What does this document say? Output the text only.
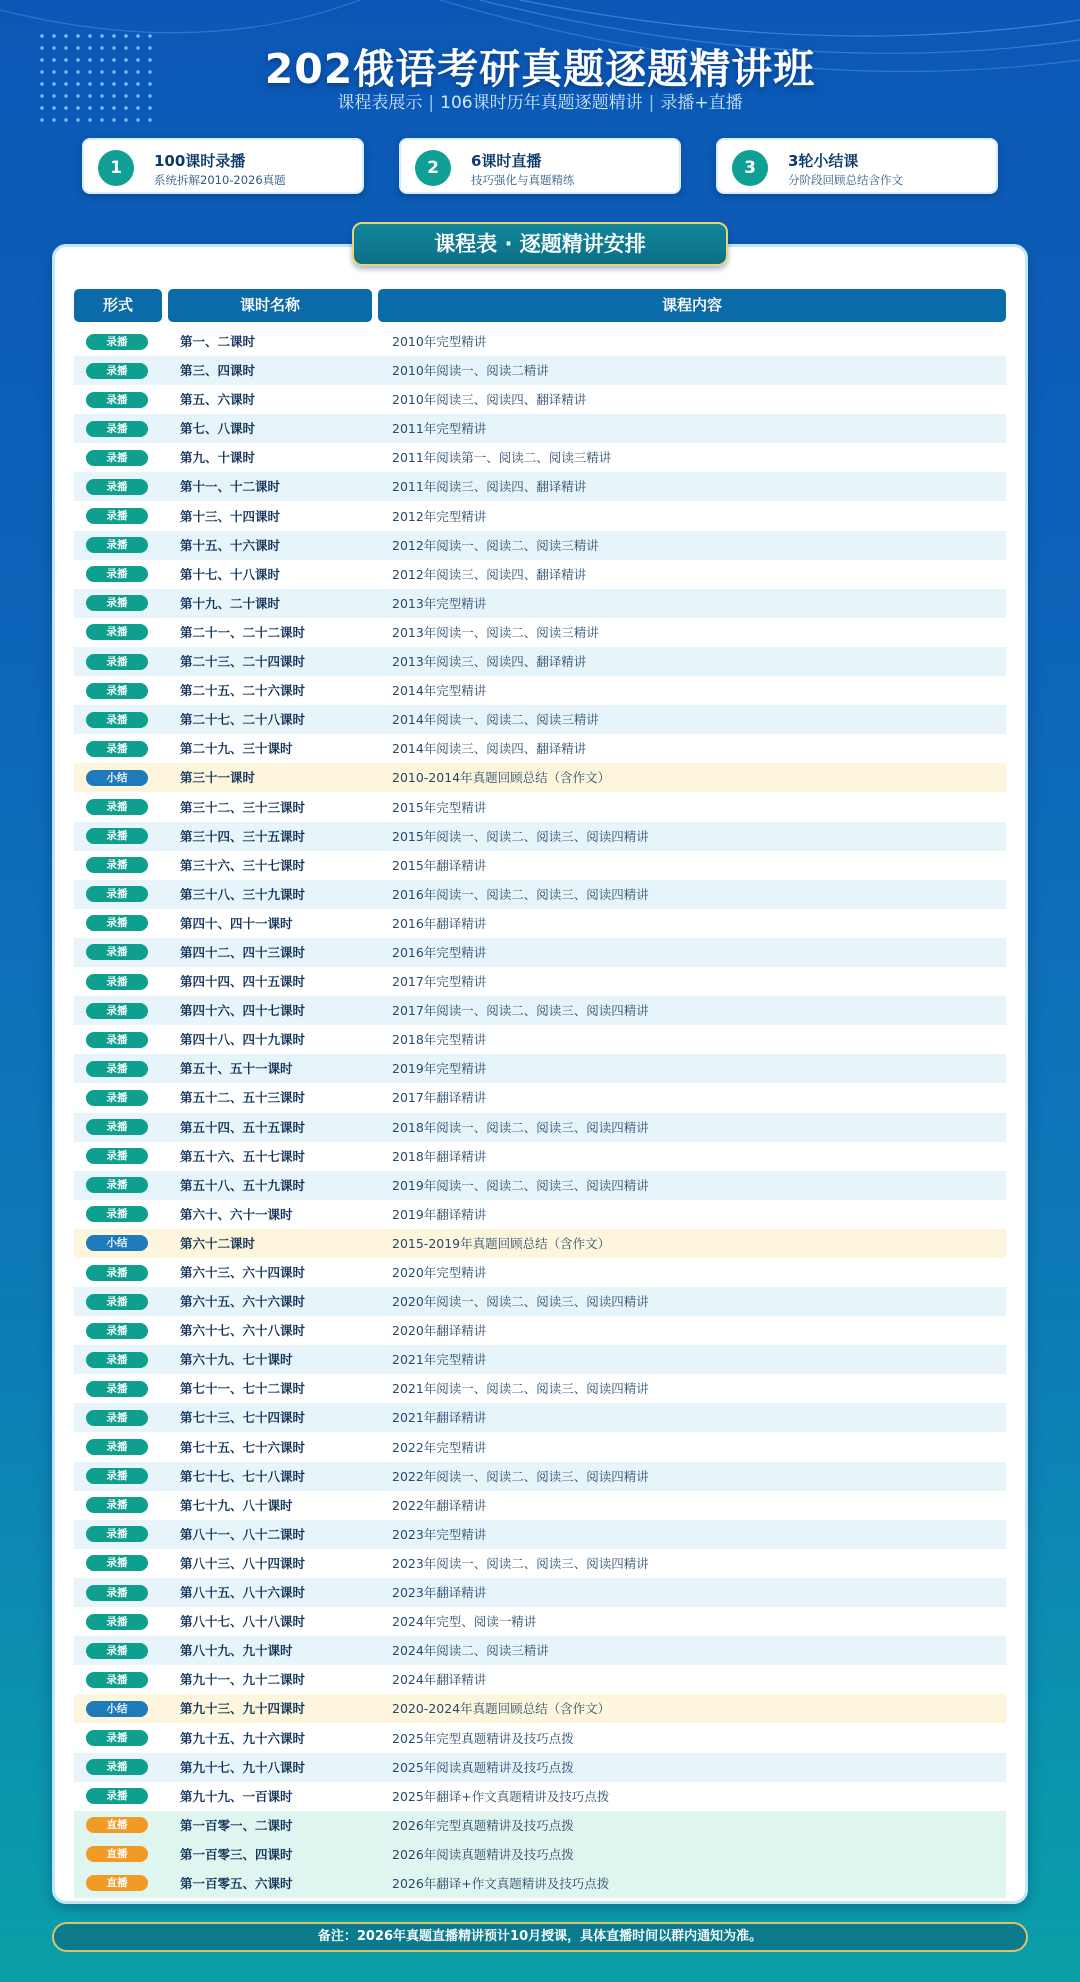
202俄语考研真题逐题精讲班
课程表展示 | 106课时历年真题逐题精讲 | 录播+直播
1	100课时录播
系统拆解2010-2026真题
2	6课时直播
技巧强化与真题精练
3	3轮小结课
分阶段回顾总结含作文
课程表 · 逐题精讲安排
形式	课时名称	课程内容
录播	第一、二课时	2010年完型精讲
录播	第三、四课时	2010年阅读一、阅读二精讲
录播	第五、六课时	2010年阅读三、阅读四、翻译精讲
录播	第七、八课时	2011年完型精讲
录播	第九、十课时	2011年阅读第一、阅读二、阅读三精讲
录播	第十一、十二课时	2011年阅读三、阅读四、翻译精讲
录播	第十三、十四课时	2012年完型精讲
录播	第十五、十六课时	2012年阅读一、阅读二、阅读三精讲
录播	第十七、十八课时	2012年阅读三、阅读四、翻译精讲
录播	第十九、二十课时	2013年完型精讲
录播	第二十一、二十二课时	2013年阅读一、阅读二、阅读三精讲
录播	第二十三、二十四课时	2013年阅读三、阅读四、翻译精讲
录播	第二十五、二十六课时	2014年完型精讲
录播	第二十七、二十八课时	2014年阅读一、阅读二、阅读三精讲
录播	第二十九、三十课时	2014年阅读三、阅读四、翻译精讲
小结	第三十一课时	2010-2014年真题回顾总结（含作文）
录播	第三十二、三十三课时	2015年完型精讲
录播	第三十四、三十五课时	2015年阅读一、阅读二、阅读三、阅读四精讲
录播	第三十六、三十七课时	2015年翻译精讲
录播	第三十八、三十九课时	2016年阅读一、阅读二、阅读三、阅读四精讲
录播	第四十、四十一课时	2016年翻译精讲
录播	第四十二、四十三课时	2016年完型精讲
录播	第四十四、四十五课时	2017年完型精讲
录播	第四十六、四十七课时	2017年阅读一、阅读二、阅读三、阅读四精讲
录播	第四十八、四十九课时	2018年完型精讲
录播	第五十、五十一课时	2019年完型精讲
录播	第五十二、五十三课时	2017年翻译精讲
录播	第五十四、五十五课时	2018年阅读一、阅读二、阅读三、阅读四精讲
录播	第五十六、五十七课时	2018年翻译精讲
录播	第五十八、五十九课时	2019年阅读一、阅读二、阅读三、阅读四精讲
录播	第六十、六十一课时	2019年翻译精讲
小结	第六十二课时	2015-2019年真题回顾总结（含作文）
录播	第六十三、六十四课时	2020年完型精讲
录播	第六十五、六十六课时	2020年阅读一、阅读二、阅读三、阅读四精讲
录播	第六十七、六十八课时	2020年翻译精讲
录播	第六十九、七十课时	2021年完型精讲
录播	第七十一、七十二课时	2021年阅读一、阅读二、阅读三、阅读四精讲
录播	第七十三、七十四课时	2021年翻译精讲
录播	第七十五、七十六课时	2022年完型精讲
录播	第七十七、七十八课时	2022年阅读一、阅读二、阅读三、阅读四精讲
录播	第七十九、八十课时	2022年翻译精讲
录播	第八十一、八十二课时	2023年完型精讲
录播	第八十三、八十四课时	2023年阅读一、阅读二、阅读三、阅读四精讲
录播	第八十五、八十六课时	2023年翻译精讲
录播	第八十七、八十八课时	2024年完型、阅读一精讲
录播	第八十九、九十课时	2024年阅读二、阅读三精讲
录播	第九十一、九十二课时	2024年翻译精讲
小结	第九十三、九十四课时	2020-2024年真题回顾总结（含作文）
录播	第九十五、九十六课时	2025年完型真题精讲及技巧点拨
录播	第九十七、九十八课时	2025年阅读真题精讲及技巧点拨
录播	第九十九、一百课时	2025年翻译+作文真题精讲及技巧点拨
直播	第一百零一、二课时	2026年完型真题精讲及技巧点拨
直播	第一百零三、四课时	2026年阅读真题精讲及技巧点拨
直播	第一百零五、六课时	2026年翻译+作文真题精讲及技巧点拨
备注：2026年真题直播精讲预计10月授课，具体直播时间以群内通知为准。
